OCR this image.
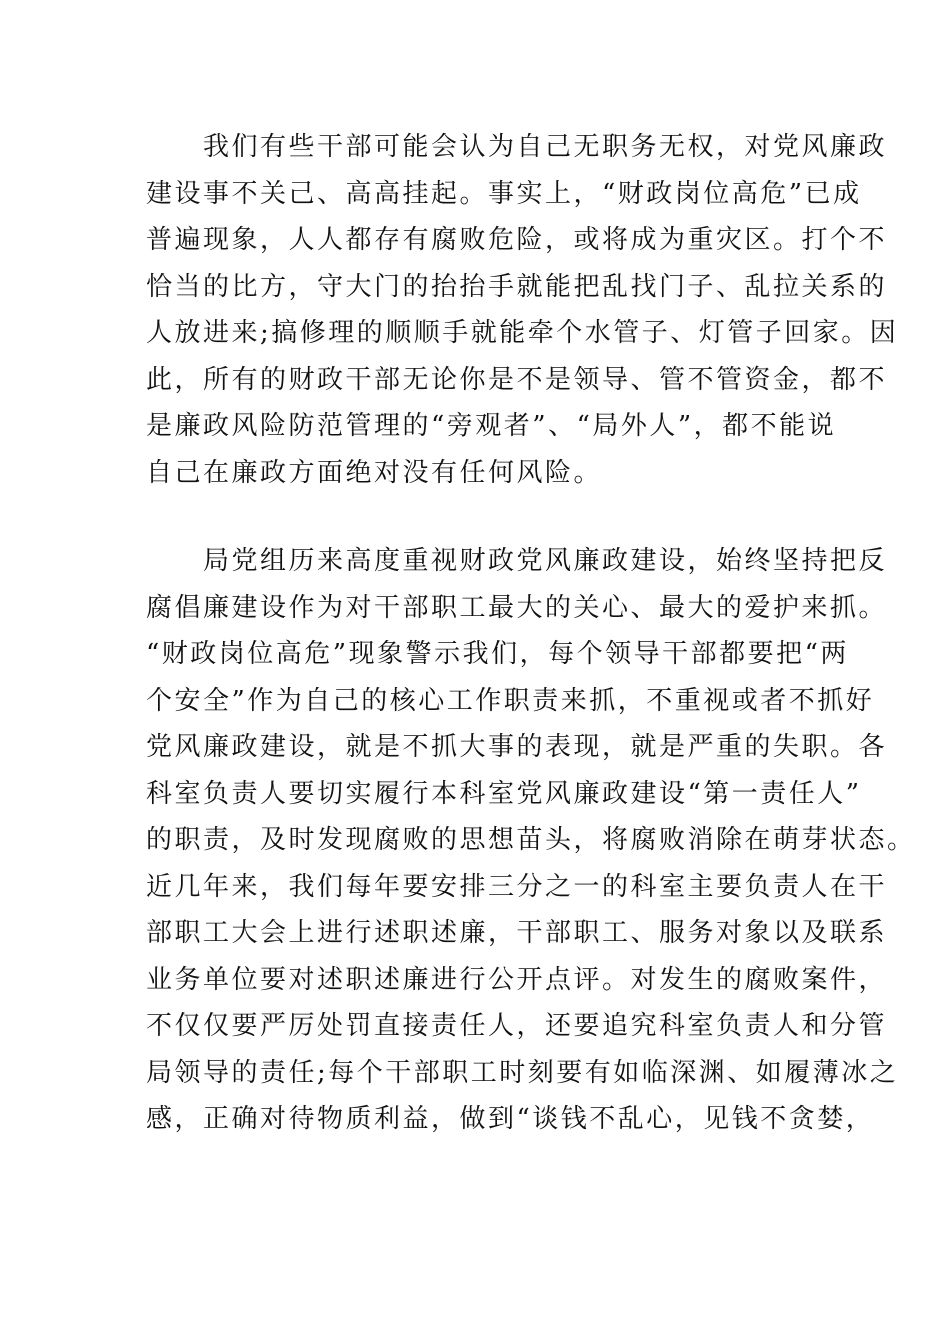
　　我们有些干部可能会认为自己无职务无权，对党风廉政
建设事不关己、高高挂起。事实上，“财政岗位高危”已成
普遍现象，人人都存有腐败危险，或将成为重灾区。打个不
恰当的比方，守大门的抬抬手就能把乱找门子、乱拉关系的
人放进来;搞修理的顺顺手就能牵个水管子、灯管子回家。因
此，所有的财政干部无论你是不是领导、管不管资金，都不
是廉政风险防范管理的“旁观者”、“局外人”，都不能说
自己在廉政方面绝对没有任何风险。

　　局党组历来高度重视财政党风廉政建设，始终坚持把反
腐倡廉建设作为对干部职工最大的关心、最大的爱护来抓。
“财政岗位高危”现象警示我们，每个领导干部都要把“两
个安全”作为自己的核心工作职责来抓，不重视或者不抓好
党风廉政建设，就是不抓大事的表现，就是严重的失职。各
科室负责人要切实履行本科室党风廉政建设“第一责任人”
的职责，及时发现腐败的思想苗头，将腐败消除在萌芽状态。
近几年来，我们每年要安排三分之一的科室主要负责人在干
部职工大会上进行述职述廉，干部职工、服务对象以及联系
业务单位要对述职述廉进行公开点评。对发生的腐败案件，
不仅仅要严厉处罚直接责任人，还要追究科室负责人和分管
局领导的责任;每个干部职工时刻要有如临深渊、如履薄冰之
感，正确对待物质利益，做到“谈钱不乱心，见钱不贪婪，
